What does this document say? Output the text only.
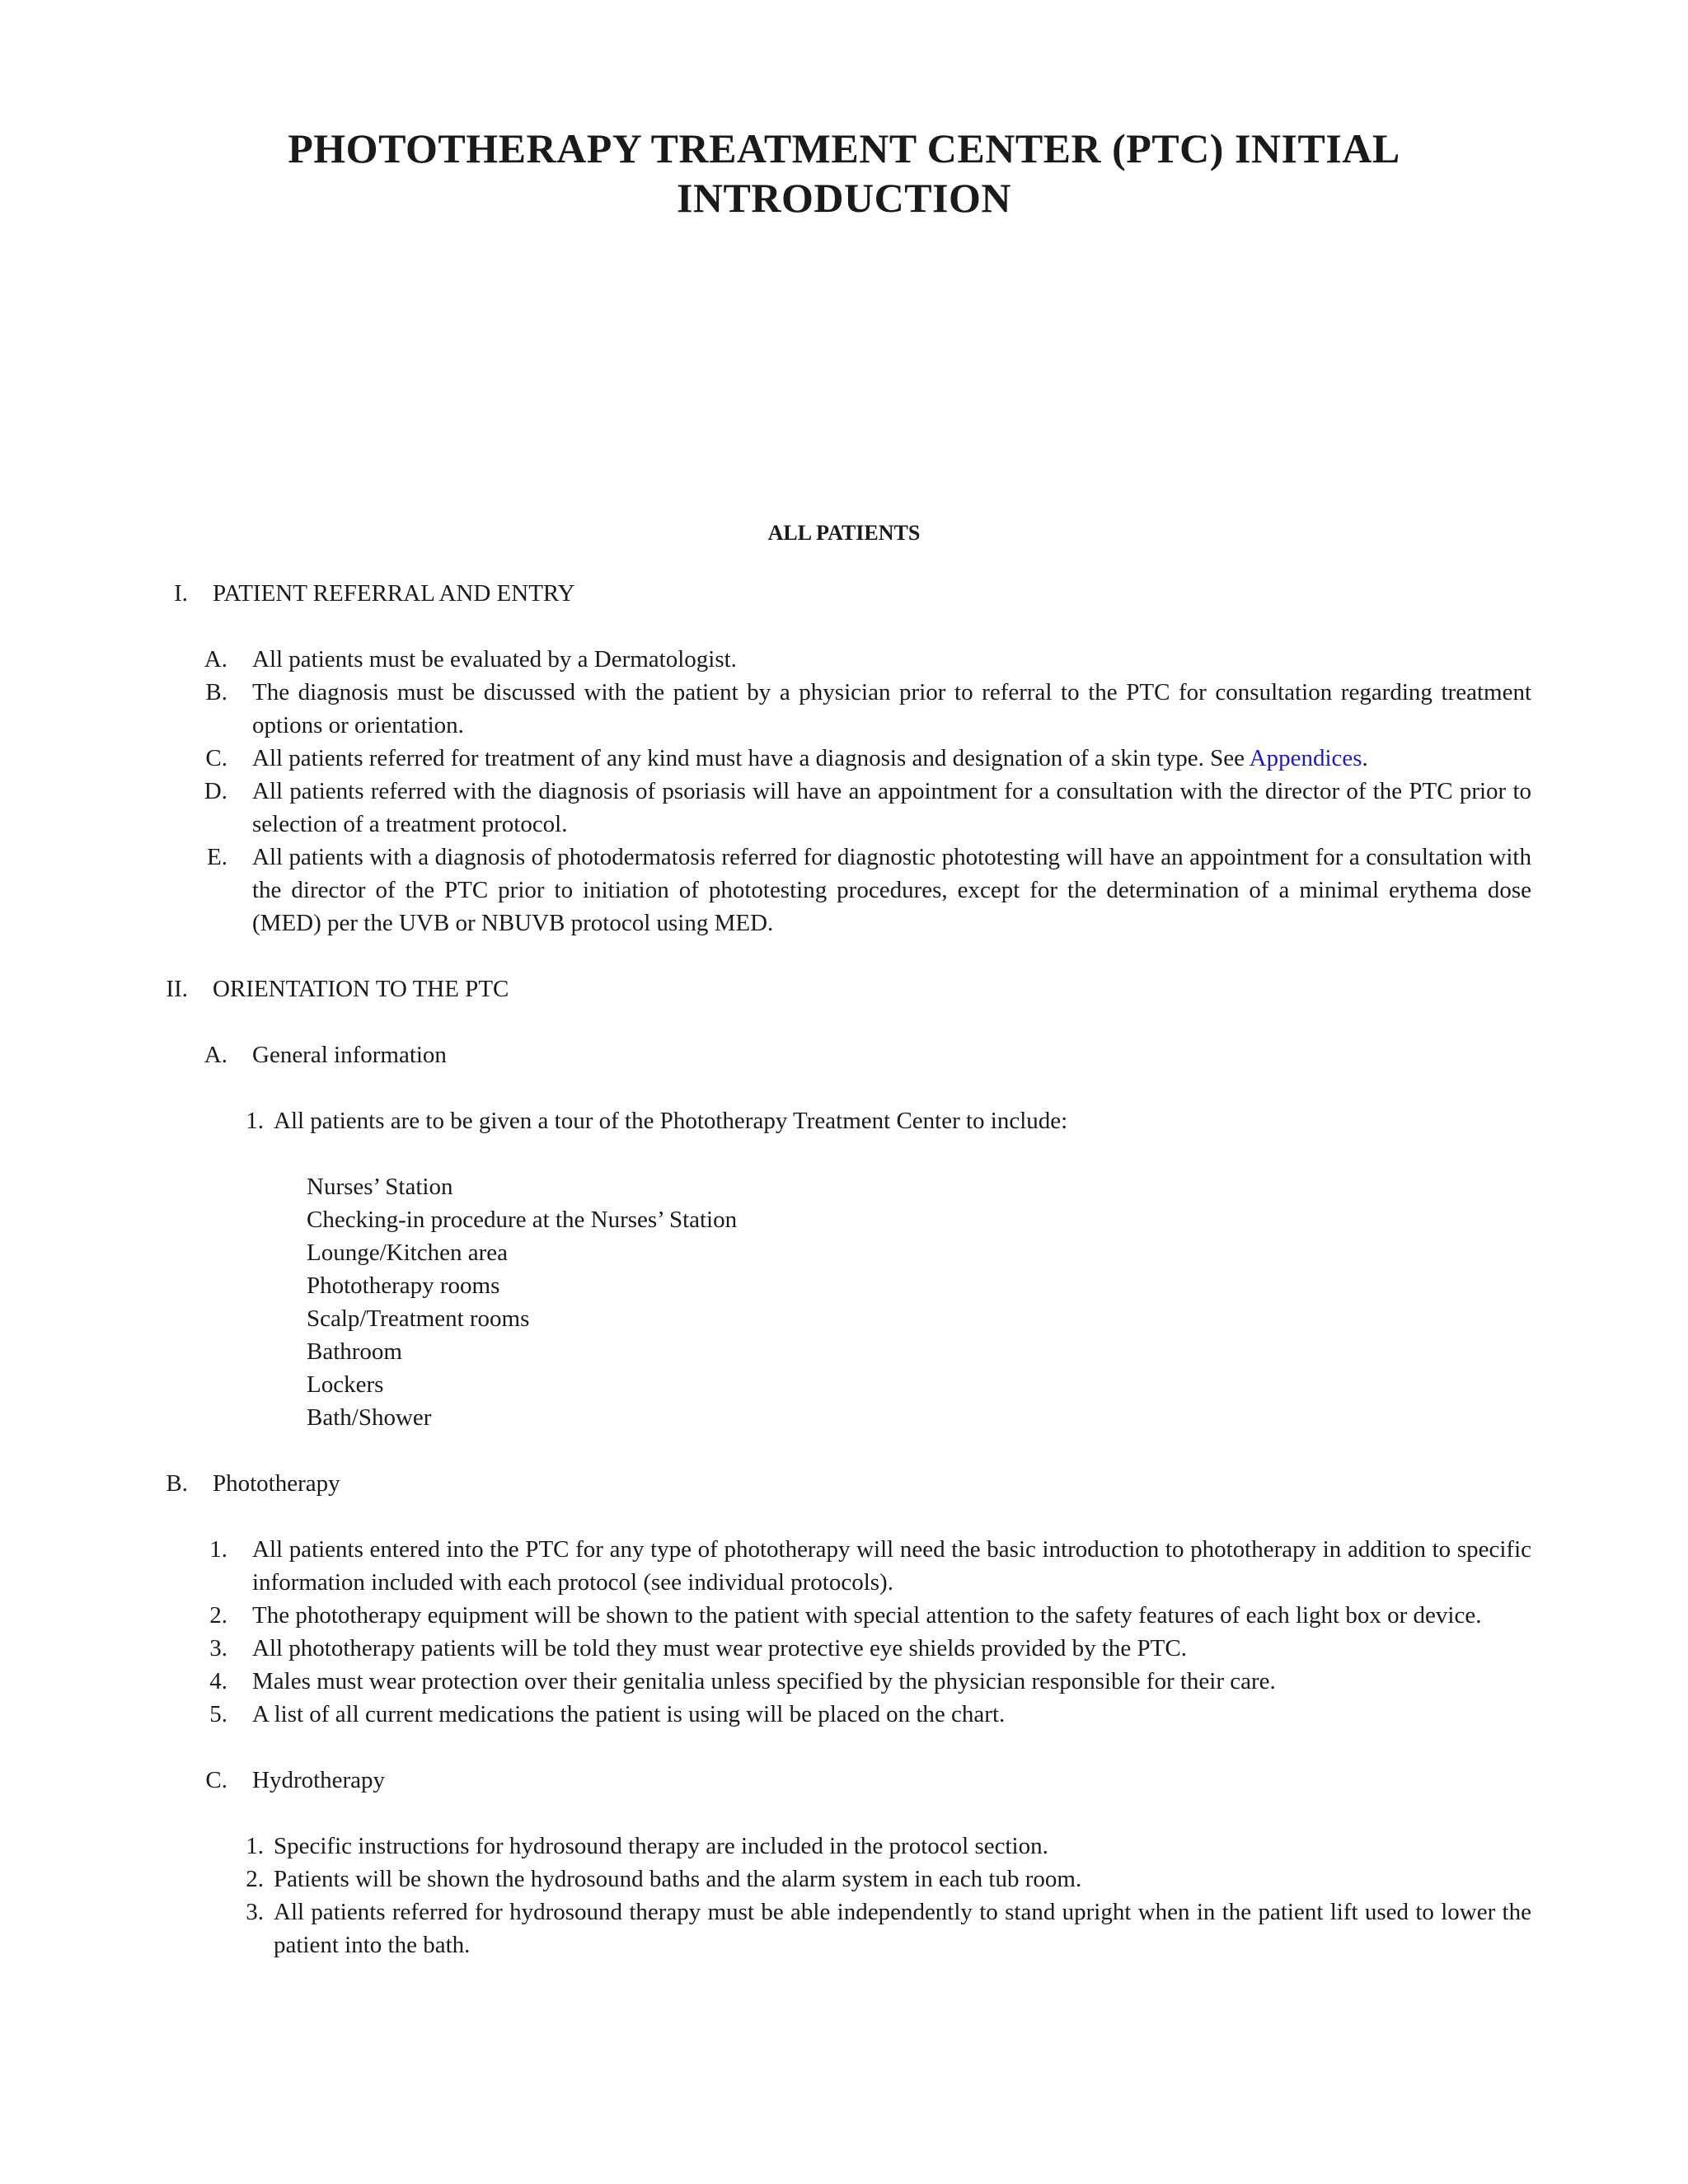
PHOTOTHERAPY TREATMENT CENTER (PTC) INITIAL
INTRODUCTION
ALL PATIENTS
I. PATIENT REFERRAL AND ENTRY
A. All patients must be evaluated by a Dermatologist.
B. The diagnosis must be discussed with the patient by a physician prior to referral to the PTC for consultation regarding treatment options or orientation.
C. All patients referred for treatment of any kind must have a diagnosis and designation of a skin type. See Appendices.
D. All patients referred with the diagnosis of psoriasis will have an appointment for a consultation with the director of the PTC prior to selection of a treatment protocol.
E. All patients with a diagnosis of photodermatosis referred for diagnostic phototesting will have an appointment for a consultation with the director of the PTC prior to initiation of phototesting procedures, except for the determination of a minimal erythema dose (MED) per the UVB or NBUVB protocol using MED.
II. ORIENTATION TO THE PTC
A. General information
1. All patients are to be given a tour of the Phototherapy Treatment Center to include:
Nurses’ Station
Checking-in procedure at the Nurses’ Station
Lounge/Kitchen area
Phototherapy rooms
Scalp/Treatment rooms
Bathroom
Lockers
Bath/Shower
B. Phototherapy
1. All patients entered into the PTC for any type of phototherapy will need the basic introduction to phototherapy in addition to specific information included with each protocol (see individual protocols).
2. The phototherapy equipment will be shown to the patient with special attention to the safety features of each light box or device.
3. All phototherapy patients will be told they must wear protective eye shields provided by the PTC.
4. Males must wear protection over their genitalia unless specified by the physician responsible for their care.
5. A list of all current medications the patient is using will be placed on the chart.
C. Hydrotherapy
1. Specific instructions for hydrosound therapy are included in the protocol section.
2. Patients will be shown the hydrosound baths and the alarm system in each tub room.
3. All patients referred for hydrosound therapy must be able independently to stand upright when in the patient lift used to lower the patient into the bath.
